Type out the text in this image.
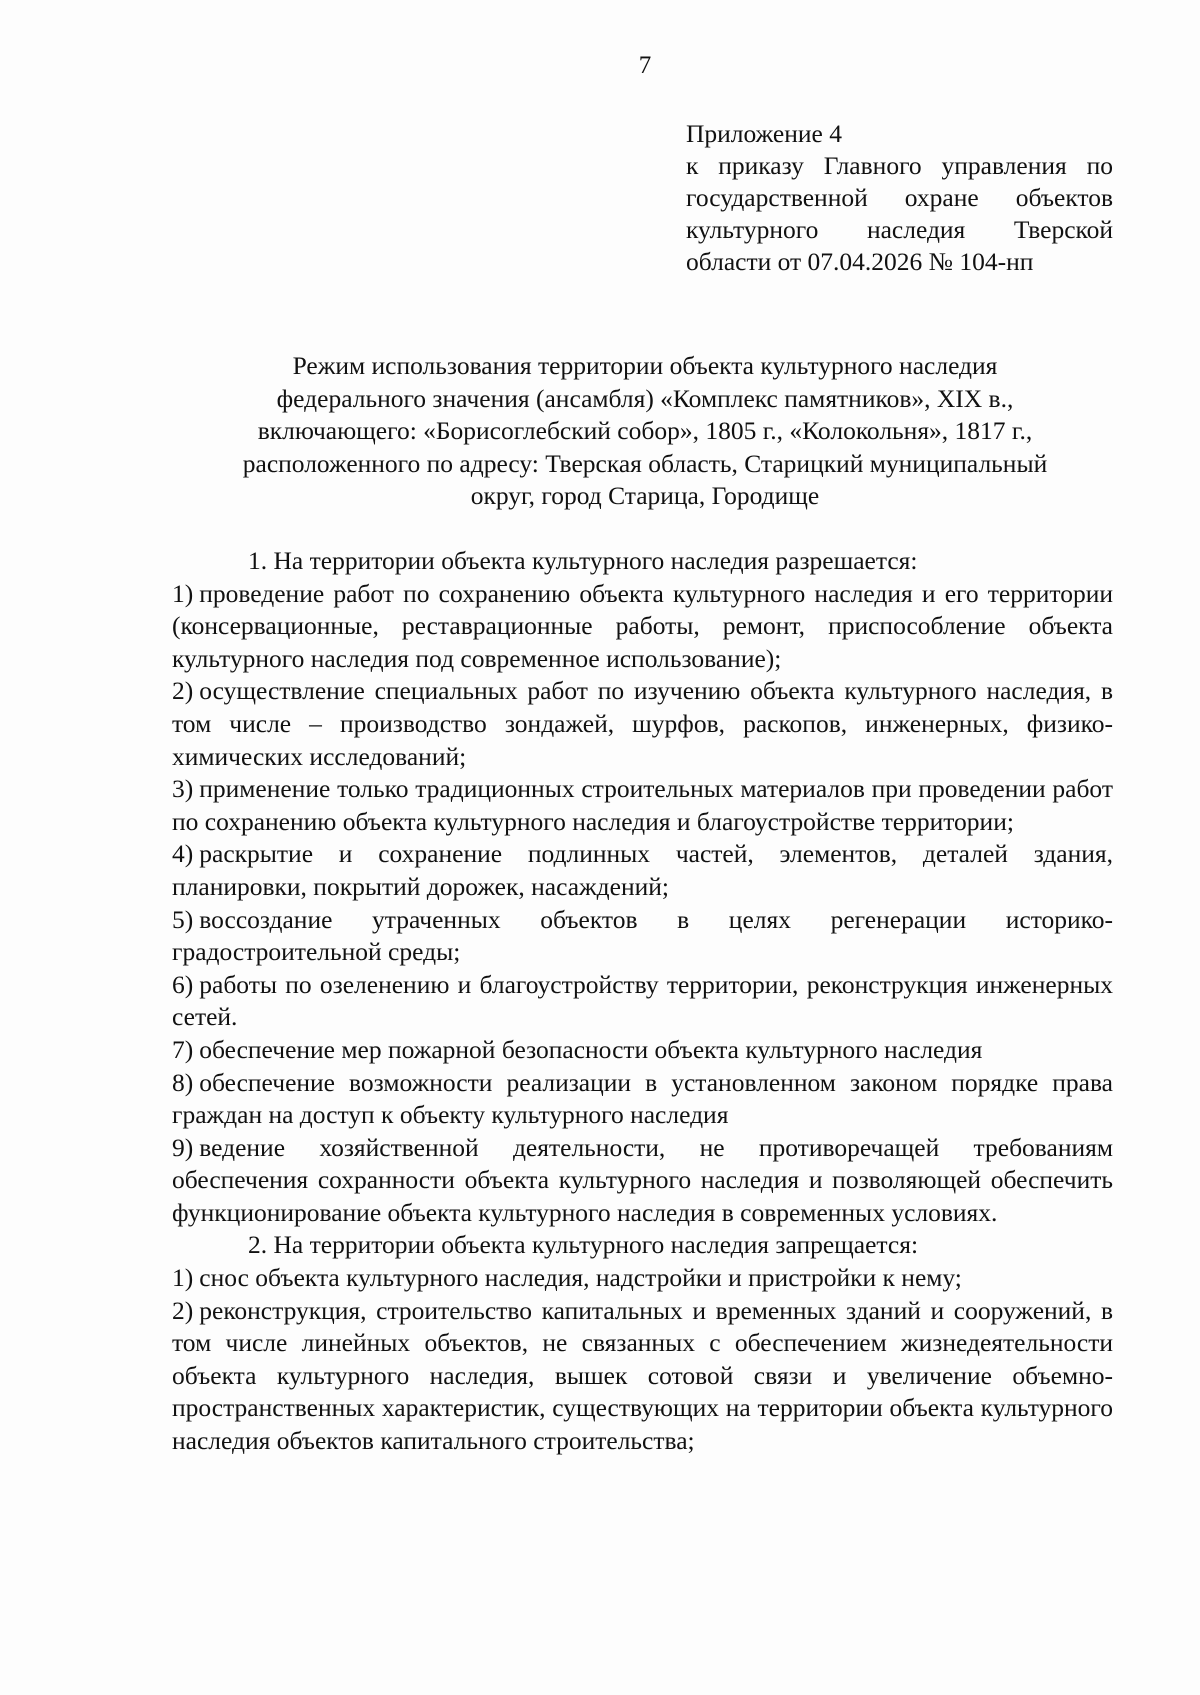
7
Приложение 4
к приказу Главного управления по
государственной охране объектов
культурного наследия Тверской
области от 07.04.2026 № 104-нп
Режим использования территории объекта культурного наследия
федерального значения (ансамбля) «Комплекс памятников», XIX в.,
включающего: «Борисоглебский собор», 1805 г., «Колокольня», 1817 г.,
расположенного по адресу: Тверская область, Старицкий муниципальный
округ, город Старица, Городище
1. На территории объекта культурного наследия разрешается:
1) проведение работ по сохранению объекта культурного наследия и его территории (консервационные, реставрационные работы, ремонт, приспособление объекта культурного наследия под современное использование);
2) осуществление специальных работ по изучению объекта культурного наследия, в том числе – производство зондажей, шурфов, раскопов, инженерных, физико-химических исследований;
3) применение только традиционных строительных материалов при проведении работ по сохранению объекта культурного наследия и благоустройстве территории;
4) раскрытие и сохранение подлинных частей, элементов, деталей здания, планировки, покрытий дорожек, насаждений;
5) воссоздание утраченных объектов в целях регенерации историко-градостроительной среды;
6) работы по озеленению и благоустройству территории, реконструкция инженерных сетей.
7) обеспечение мер пожарной безопасности объекта культурного наследия
8) обеспечение возможности реализации в установленном законом порядке права граждан на доступ к объекту культурного наследия
9) ведение хозяйственной деятельности, не противоречащей требованиям обеспечения сохранности объекта культурного наследия и позволяющей обеспечить функционирование объекта культурного наследия в современных условиях.
2. На территории объекта культурного наследия запрещается:
1) снос объекта культурного наследия, надстройки и пристройки к нему;
2) реконструкция, строительство капитальных и временных зданий и сооружений, в том числе линейных объектов, не связанных с обеспечением жизнедеятельности объекта культурного наследия, вышек сотовой связи и увеличение объемно-пространственных характеристик, существующих на территории объекта культурного наследия объектов капитального строительства;
